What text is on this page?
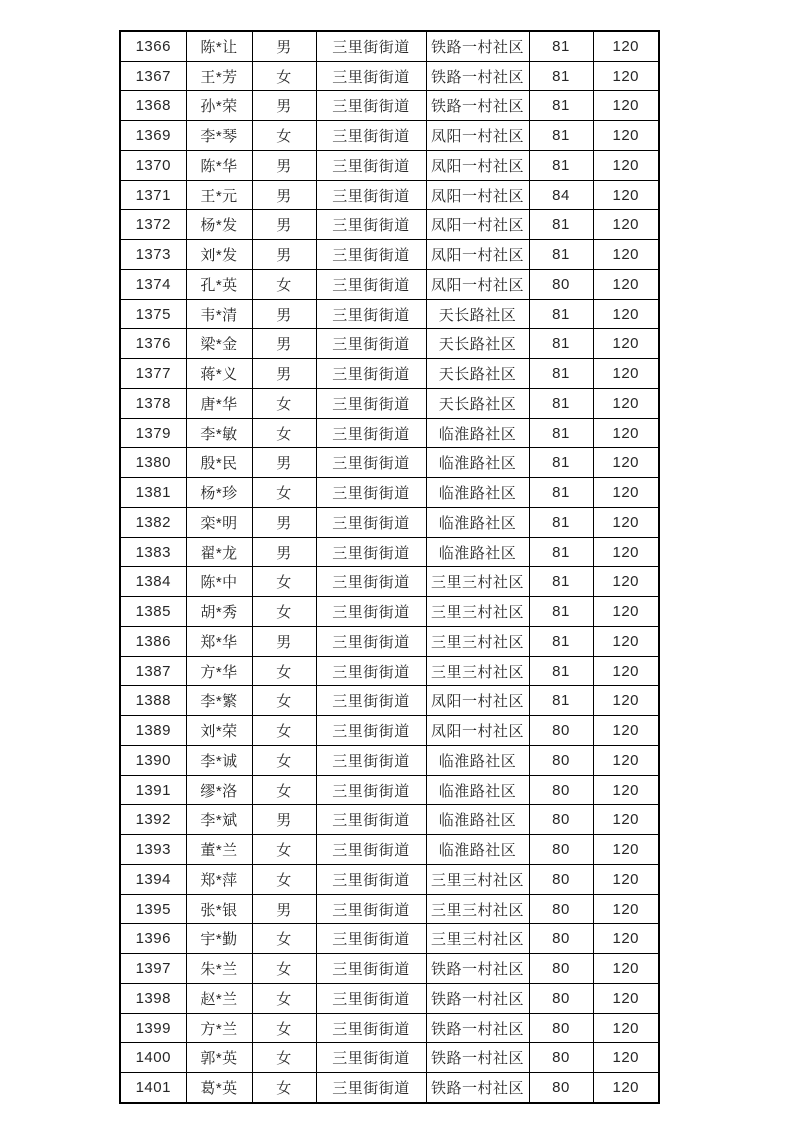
1366	陈*让	男	三里街街道	铁路一村社区	81	120
1367	王*芳	女	三里街街道	铁路一村社区	81	120
1368	孙*荣	男	三里街街道	铁路一村社区	81	120
1369	李*琴	女	三里街街道	凤阳一村社区	81	120
1370	陈*华	男	三里街街道	凤阳一村社区	81	120
1371	王*元	男	三里街街道	凤阳一村社区	84	120
1372	杨*发	男	三里街街道	凤阳一村社区	81	120
1373	刘*发	男	三里街街道	凤阳一村社区	81	120
1374	孔*英	女	三里街街道	凤阳一村社区	80	120
1375	韦*清	男	三里街街道	天长路社区	81	120
1376	梁*金	男	三里街街道	天长路社区	81	120
1377	蒋*义	男	三里街街道	天长路社区	81	120
1378	唐*华	女	三里街街道	天长路社区	81	120
1379	李*敏	女	三里街街道	临淮路社区	81	120
1380	殷*民	男	三里街街道	临淮路社区	81	120
1381	杨*珍	女	三里街街道	临淮路社区	81	120
1382	栾*明	男	三里街街道	临淮路社区	81	120
1383	翟*龙	男	三里街街道	临淮路社区	81	120
1384	陈*中	女	三里街街道	三里三村社区	81	120
1385	胡*秀	女	三里街街道	三里三村社区	81	120
1386	郑*华	男	三里街街道	三里三村社区	81	120
1387	方*华	女	三里街街道	三里三村社区	81	120
1388	李*繁	女	三里街街道	凤阳一村社区	81	120
1389	刘*荣	女	三里街街道	凤阳一村社区	80	120
1390	李*诚	女	三里街街道	临淮路社区	80	120
1391	缪*洛	女	三里街街道	临淮路社区	80	120
1392	李*斌	男	三里街街道	临淮路社区	80	120
1393	董*兰	女	三里街街道	临淮路社区	80	120
1394	郑*萍	女	三里街街道	三里三村社区	80	120
1395	张*银	男	三里街街道	三里三村社区	80	120
1396	宇*勤	女	三里街街道	三里三村社区	80	120
1397	朱*兰	女	三里街街道	铁路一村社区	80	120
1398	赵*兰	女	三里街街道	铁路一村社区	80	120
1399	方*兰	女	三里街街道	铁路一村社区	80	120
1400	郭*英	女	三里街街道	铁路一村社区	80	120
1401	葛*英	女	三里街街道	铁路一村社区	80	120
